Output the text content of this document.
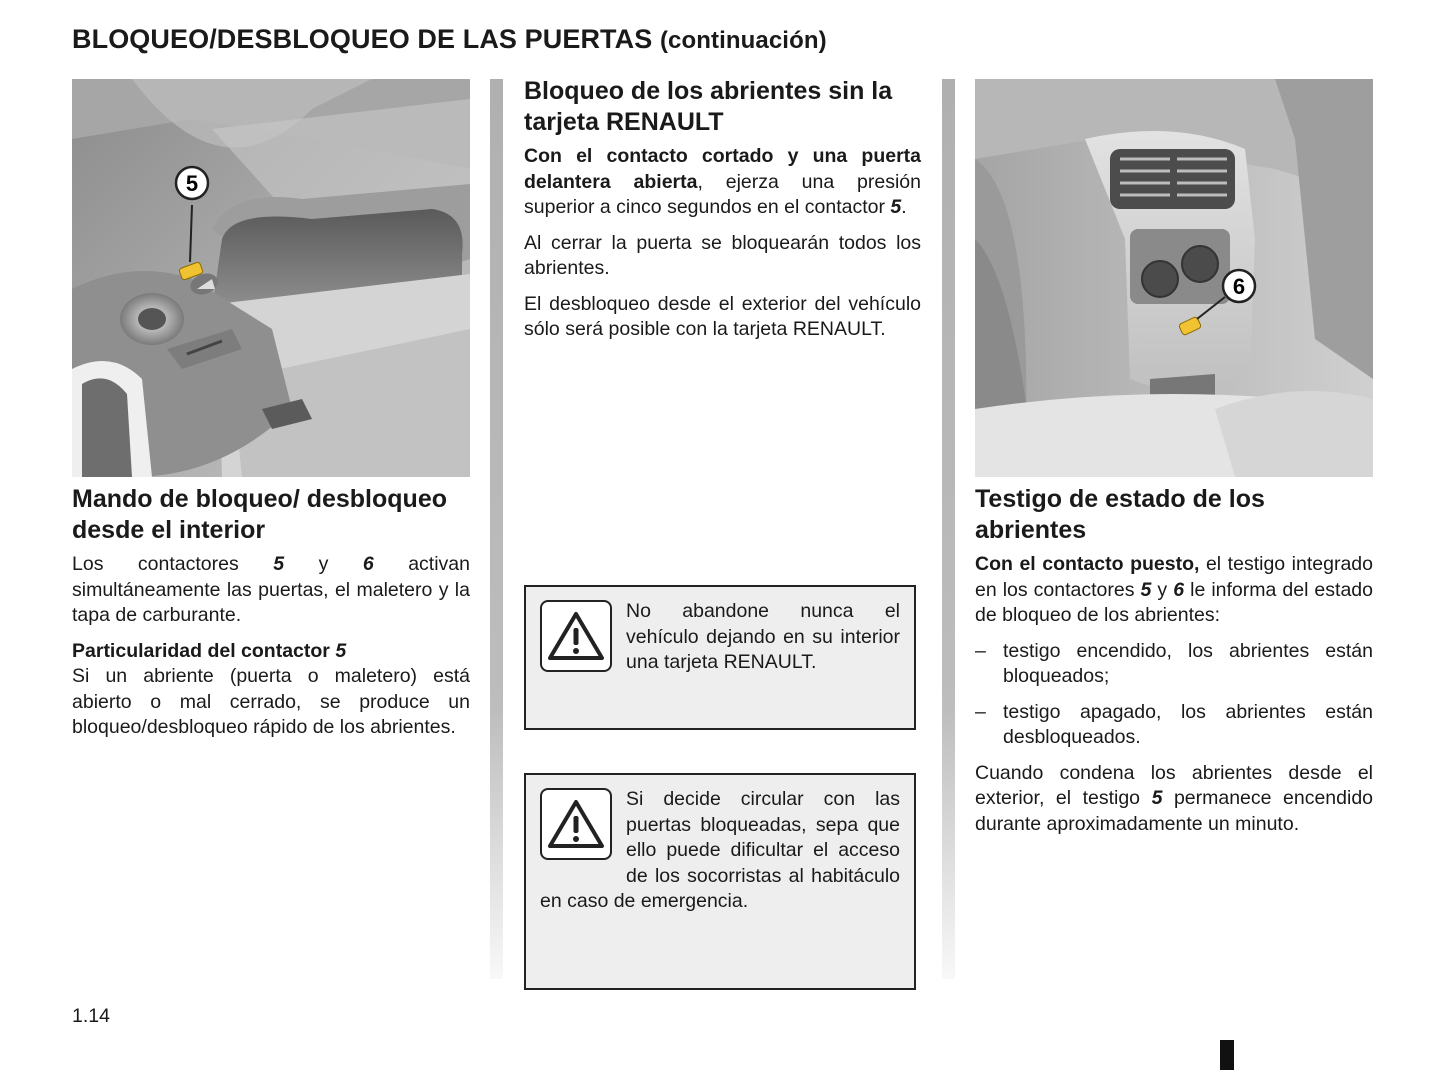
BLOQUEO/DESBLOQUEO DE LAS PUERTAS (continuación)
5
6
Mando de bloqueo/ desbloqueo desde el interior

Los contactores 5 y 6 activan simultáneamente las puertas, el maletero y la tapa de carburante.

Particularidad del contactor 5

Si un abriente (puerta o maletero) está abierto o mal cerrado, se produce un bloqueo/desbloqueo rápido de los abrientes.

Bloqueo de los abrientes sin la tarjeta RENAULT

Con el contacto cortado y una puerta delantera abierta, ejerza una presión superior a cinco segundos en el contactor 5.

Al cerrar la puerta se bloquearán todos los abrientes.

El desbloqueo desde el exterior del vehículo sólo será posible con la tarjeta RENAULT.

No abandone nunca el vehículo dejando en su interior una tarjeta RENAULT.
Si decide circular con las puertas bloqueadas, sepa que ello puede dificultar el acceso de los socorristas al habitáculo en caso de emergencia.
Testigo de estado de los abrientes

Con el contacto puesto, el testigo integrado en los contactores 5 y 6 le informa del estado de bloqueo de los abrientes:

– testigo encendido, los abrientes están bloqueados;
– testigo apagado, los abrientes están desbloqueados.

Cuando condena los abrientes desde el exterior, el testigo 5 permanece encendido durante aproximadamente un minuto.

1.14
